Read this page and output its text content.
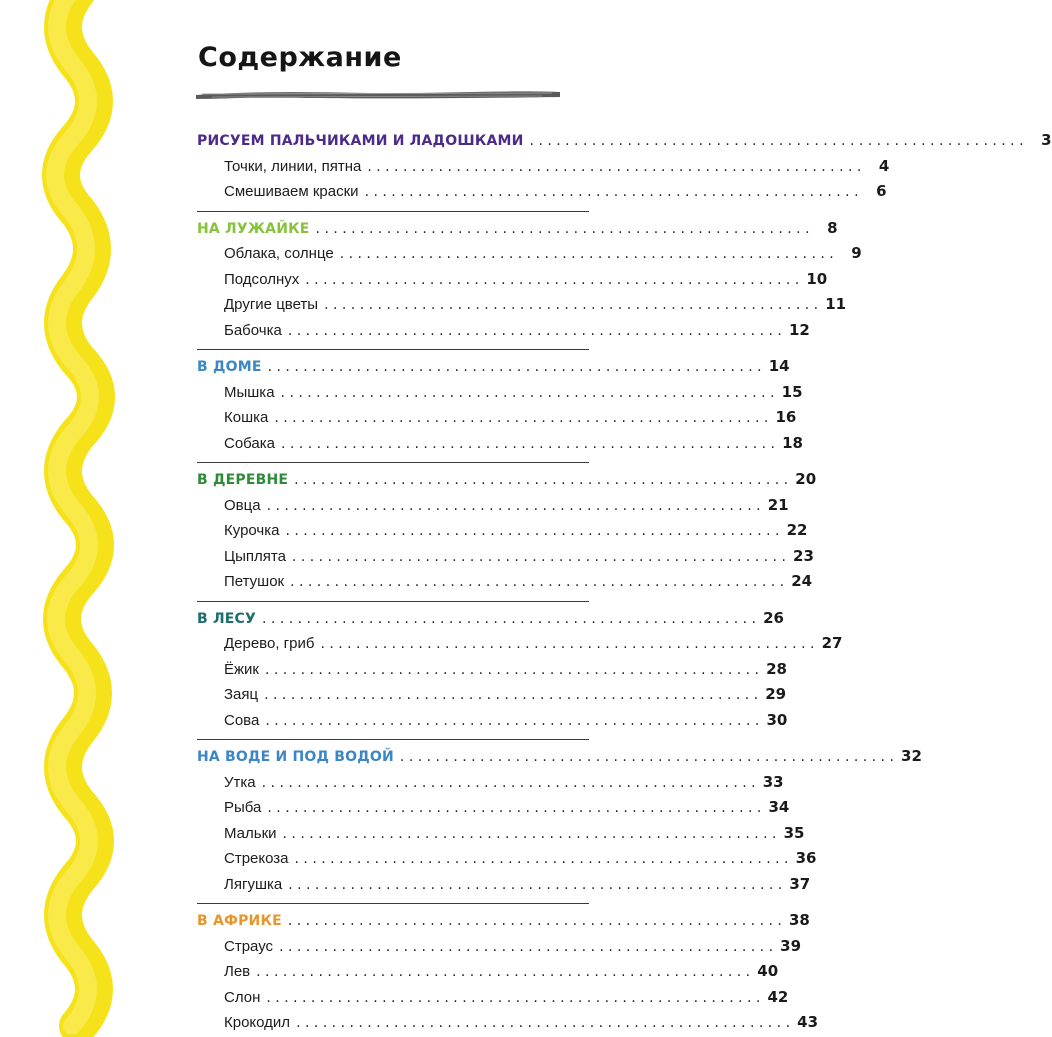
Содержание
РИСУЕМ ПАЛЬЧИКАМИ И ЛАДОШКАМИ . . .	3
Точки, линии, пятна . . .	4
Смешиваем краски . . .	6
НА ЛУЖАЙКЕ . . .	8
Облака, солнце . . .	9
Подсолнух . . .	10
Другие цветы . . .	11
Бабочка . . .	12
В ДОМЕ . . .	14
Мышка . . .	15
Кошка . . .	16
Собака . . .	18
В ДЕРЕВНЕ . . .	20
Овца . . .	21
Курочка . . .	22
Цыплята . . .	23
Петушок . . .	24
В ЛЕСУ . . .	26
Дерево, гриб . . .	27
Ёжик . . .	28
Заяц . . .	29
Сова . . .	30
НА ВОДЕ И ПОД ВОДОЙ . . .	32
Утка . . .	33
Рыба . . .	34
Мальки . . .	35
Стрекоза . . .	36
Лягушка . . .	37
В АФРИКЕ . . .	38
Страус . . .	39
Лев . . .	40
Слон . . .	42
Крокодил . . .	43
